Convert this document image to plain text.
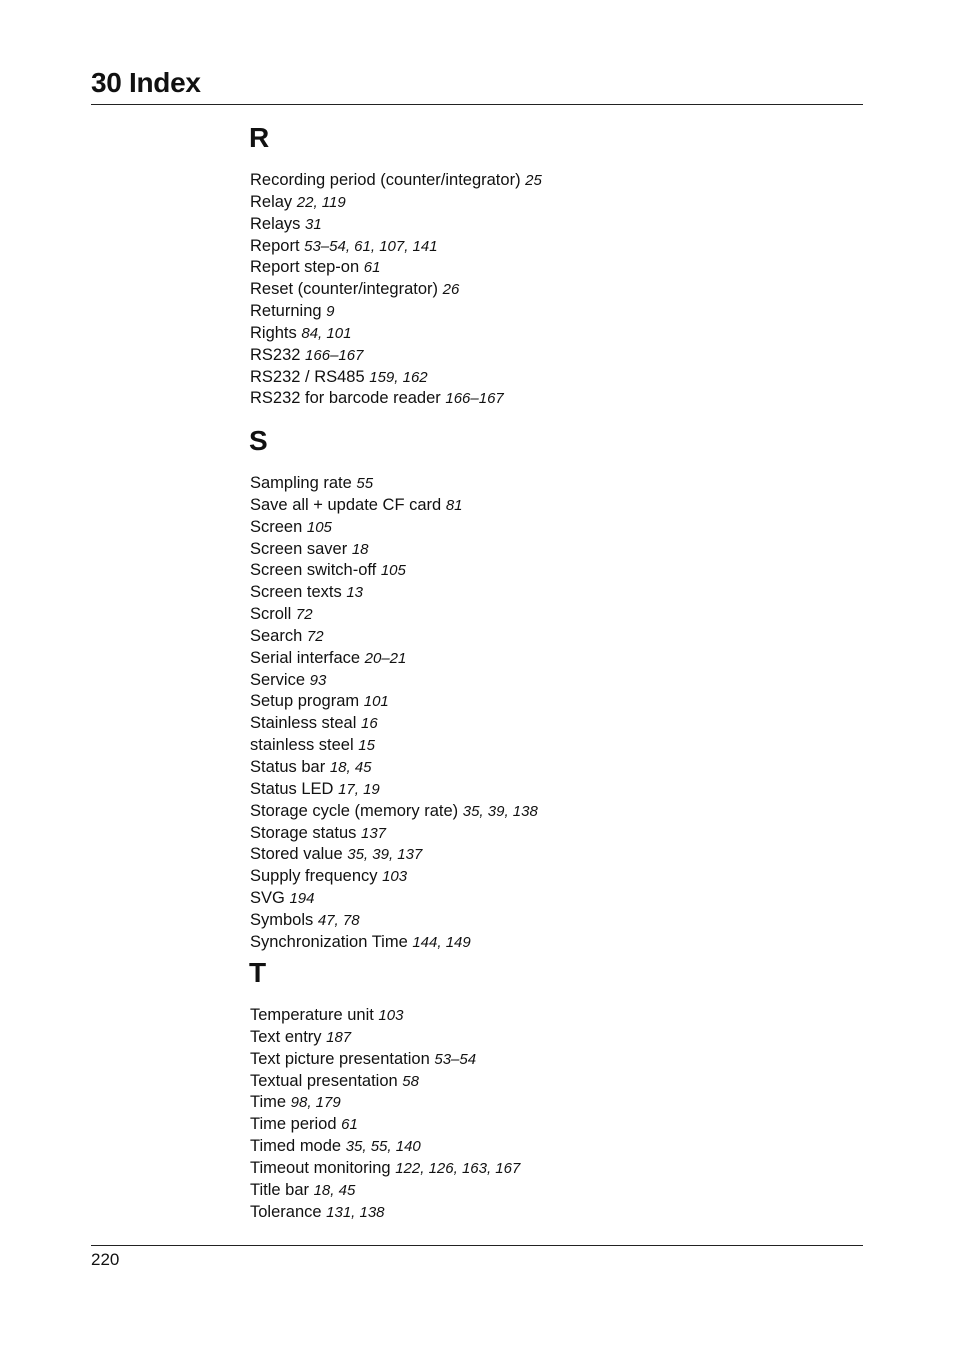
30 Index
R
Recording period (counter/integrator) 25
Relay 22, 119
Relays 31
Report 53–54, 61, 107, 141
Report step-on 61
Reset (counter/integrator) 26
Returning 9
Rights 84, 101
RS232 166–167
RS232 / RS485 159, 162
RS232 for barcode reader 166–167
S
Sampling rate 55
Save all + update CF card 81
Screen 105
Screen saver 18
Screen switch-off 105
Screen texts 13
Scroll 72
Search 72
Serial interface 20–21
Service 93
Setup program 101
Stainless steal 16
stainless steel 15
Status bar 18, 45
Status LED 17, 19
Storage cycle (memory rate) 35, 39, 138
Storage status 137
Stored value 35, 39, 137
Supply frequency 103
SVG 194
Symbols 47, 78
Synchronization Time 144, 149
T
Temperature unit 103
Text entry 187
Text picture presentation 53–54
Textual presentation 58
Time 98, 179
Time period 61
Timed mode 35, 55, 140
Timeout monitoring 122, 126, 163, 167
Title bar 18, 45
Tolerance 131, 138
220
